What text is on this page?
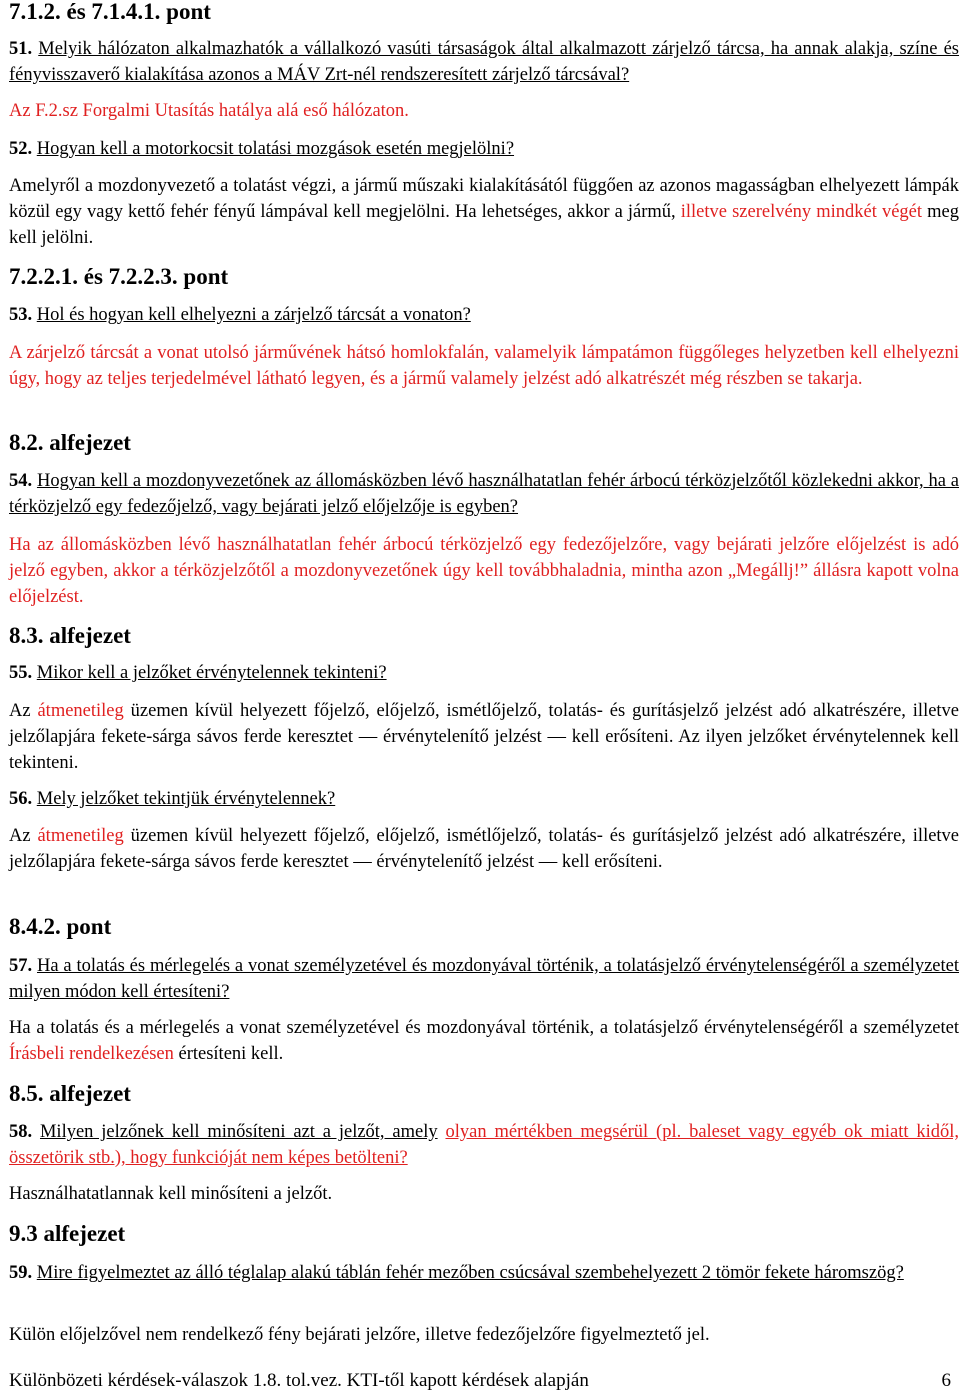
7.1.2. és 7.1.4.1. pont

51. Melyik hálózaton alkalmazhatók a vállalkozó vasúti társaságok által alkalmazott zárjelző tárcsa, ha annak alakja, színe és fényvisszaverő kialakítása azonos a MÁV Zrt-nél rendszeresített zárjelző tárcsával?

Az F.2.sz Forgalmi Utasítás hatálya alá eső hálózaton.

52. Hogyan kell a motorkocsit tolatási mozgások esetén megjelölni?

Amelyről a mozdonyvezető a tolatást végzi, a jármű műszaki kialakításától függően az azonos magasságban elhelyezett lámpák közül egy vagy kettő fehér fényű lámpával kell megjelölni. Ha lehetséges, akkor a jármű, illetve szerelvény mindkét végét meg kell jelölni.

7.2.2.1. és 7.2.2.3. pont

53. Hol és hogyan kell elhelyezni a zárjelző tárcsát a vonaton?

A zárjelző tárcsát a vonat utolsó járművének hátsó homlokfalán, valamelyik lámpatámon függőleges helyzetben kell elhelyezni úgy, hogy az teljes terjedelmével látható legyen, és a jármű valamely jelzést adó alkatrészét még részben se takarja.

8.2. alfejezet

54. Hogyan kell a mozdonyvezetőnek az állomásközben lévő használhatatlan fehér árbocú térközjelzőtől közlekedni akkor, ha a térközjelző egy fedezőjelző, vagy bejárati jelző előjelzője is egyben?

Ha az állomásközben lévő használhatatlan fehér árbocú térközjelző egy fedezőjelzőre, vagy bejárati jelzőre előjelzést is adó jelző egyben, akkor a térközjelzőtől a mozdonyvezetőnek úgy kell továbbhaladnia, mintha azon „Megállj!” állásra kapott volna előjelzést.

8.3. alfejezet

55. Mikor kell a jelzőket érvénytelennek tekinteni?

Az átmenetileg üzemen kívül helyezett főjelző, előjelző, ismétlőjelző, tolatás- és gurításjelző jelzést adó alkatrészére, illetve jelzőlapjára fekete-sárga sávos ferde keresztet — érvénytelenítő jelzést — kell erősíteni. Az ilyen jelzőket érvénytelennek kell tekinteni.

56. Mely jelzőket tekintjük érvénytelennek?

Az átmenetileg üzemen kívül helyezett főjelző, előjelző, ismétlőjelző, tolatás- és gurításjelző jelzést adó alkatrészére, illetve jelzőlapjára fekete-sárga sávos ferde keresztet — érvénytelenítő jelzést — kell erősíteni.

8.4.2. pont

57. Ha a tolatás és mérlegelés a vonat személyzetével és mozdonyával történik, a tolatásjelző érvénytelenségéről a személyzetet milyen módon kell értesíteni?

Ha a tolatás és a mérlegelés a vonat személyzetével és mozdonyával történik, a tolatásjelző érvénytelenségéről a személyzetet Írásbeli rendelkezésen értesíteni kell.

8.5. alfejezet

58. Milyen jelzőnek kell minősíteni azt a jelzőt, amely olyan mértékben megsérül (pl. baleset vagy egyéb ok miatt kidől, összetörik stb.), hogy funkcióját nem képes betölteni?

Használhatatlannak kell minősíteni a jelzőt.

9.3 alfejezet

59. Mire figyelmeztet az álló téglalap alakú táblán fehér mezőben csúcsával szembehelyezett 2 tömör fekete háromszög?

Külön előjelzővel nem rendelkező fény bejárati jelzőre, illetve fedezőjelzőre figyelmeztető jel.

Különbözeti kérdések-válaszok 1.8. tol.vez. KTI-től kapott kérdések alapján	6
